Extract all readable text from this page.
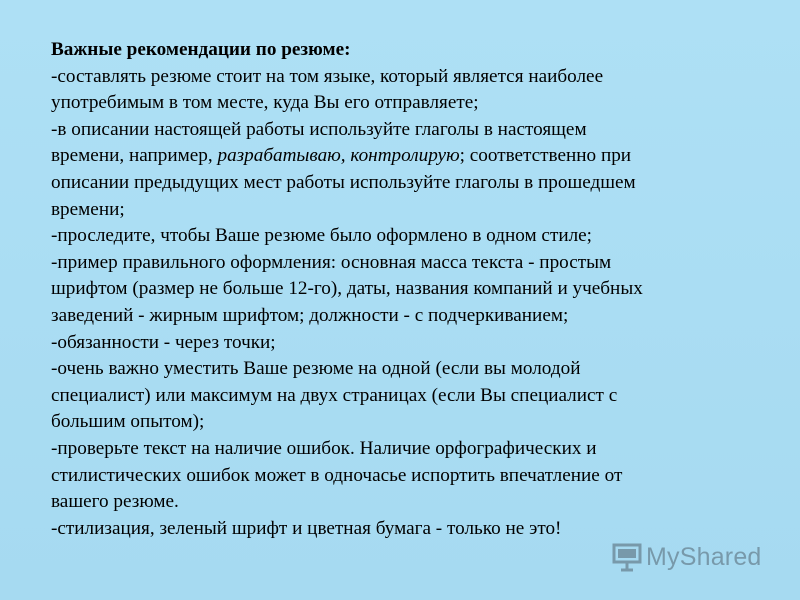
Важные рекомендации по резюме:

-составлять резюме стоит на том языке, который является наиболее

употребимым в том месте, куда Вы его отправляете;

-в описании настоящей работы используйте глаголы в настоящем

времени, например, разрабатываю, контролирую; соответственно при

описании предыдущих мест работы используйте глаголы в прошедшем

времени;

-проследите, чтобы Ваше резюме было оформлено в одном стиле;

-пример правильного оформления: основная масса текста - простым

шрифтом (размер не больше 12-го), даты, названия компаний и учебных

заведений - жирным шрифтом; должности - с подчеркиванием;

-обязанности - через точки;

-очень важно уместить Ваше резюме на одной (если вы молодой

специалист) или максимум на двух страницах (если Вы специалист с

большим опытом);

-проверьте текст на наличие ошибок. Наличие орфографических и

стилистических ошибок может в одночасье испортить впечатление от

вашего резюме.

-стилизация, зеленый шрифт и цветная бумага - только не это!

MyShared
